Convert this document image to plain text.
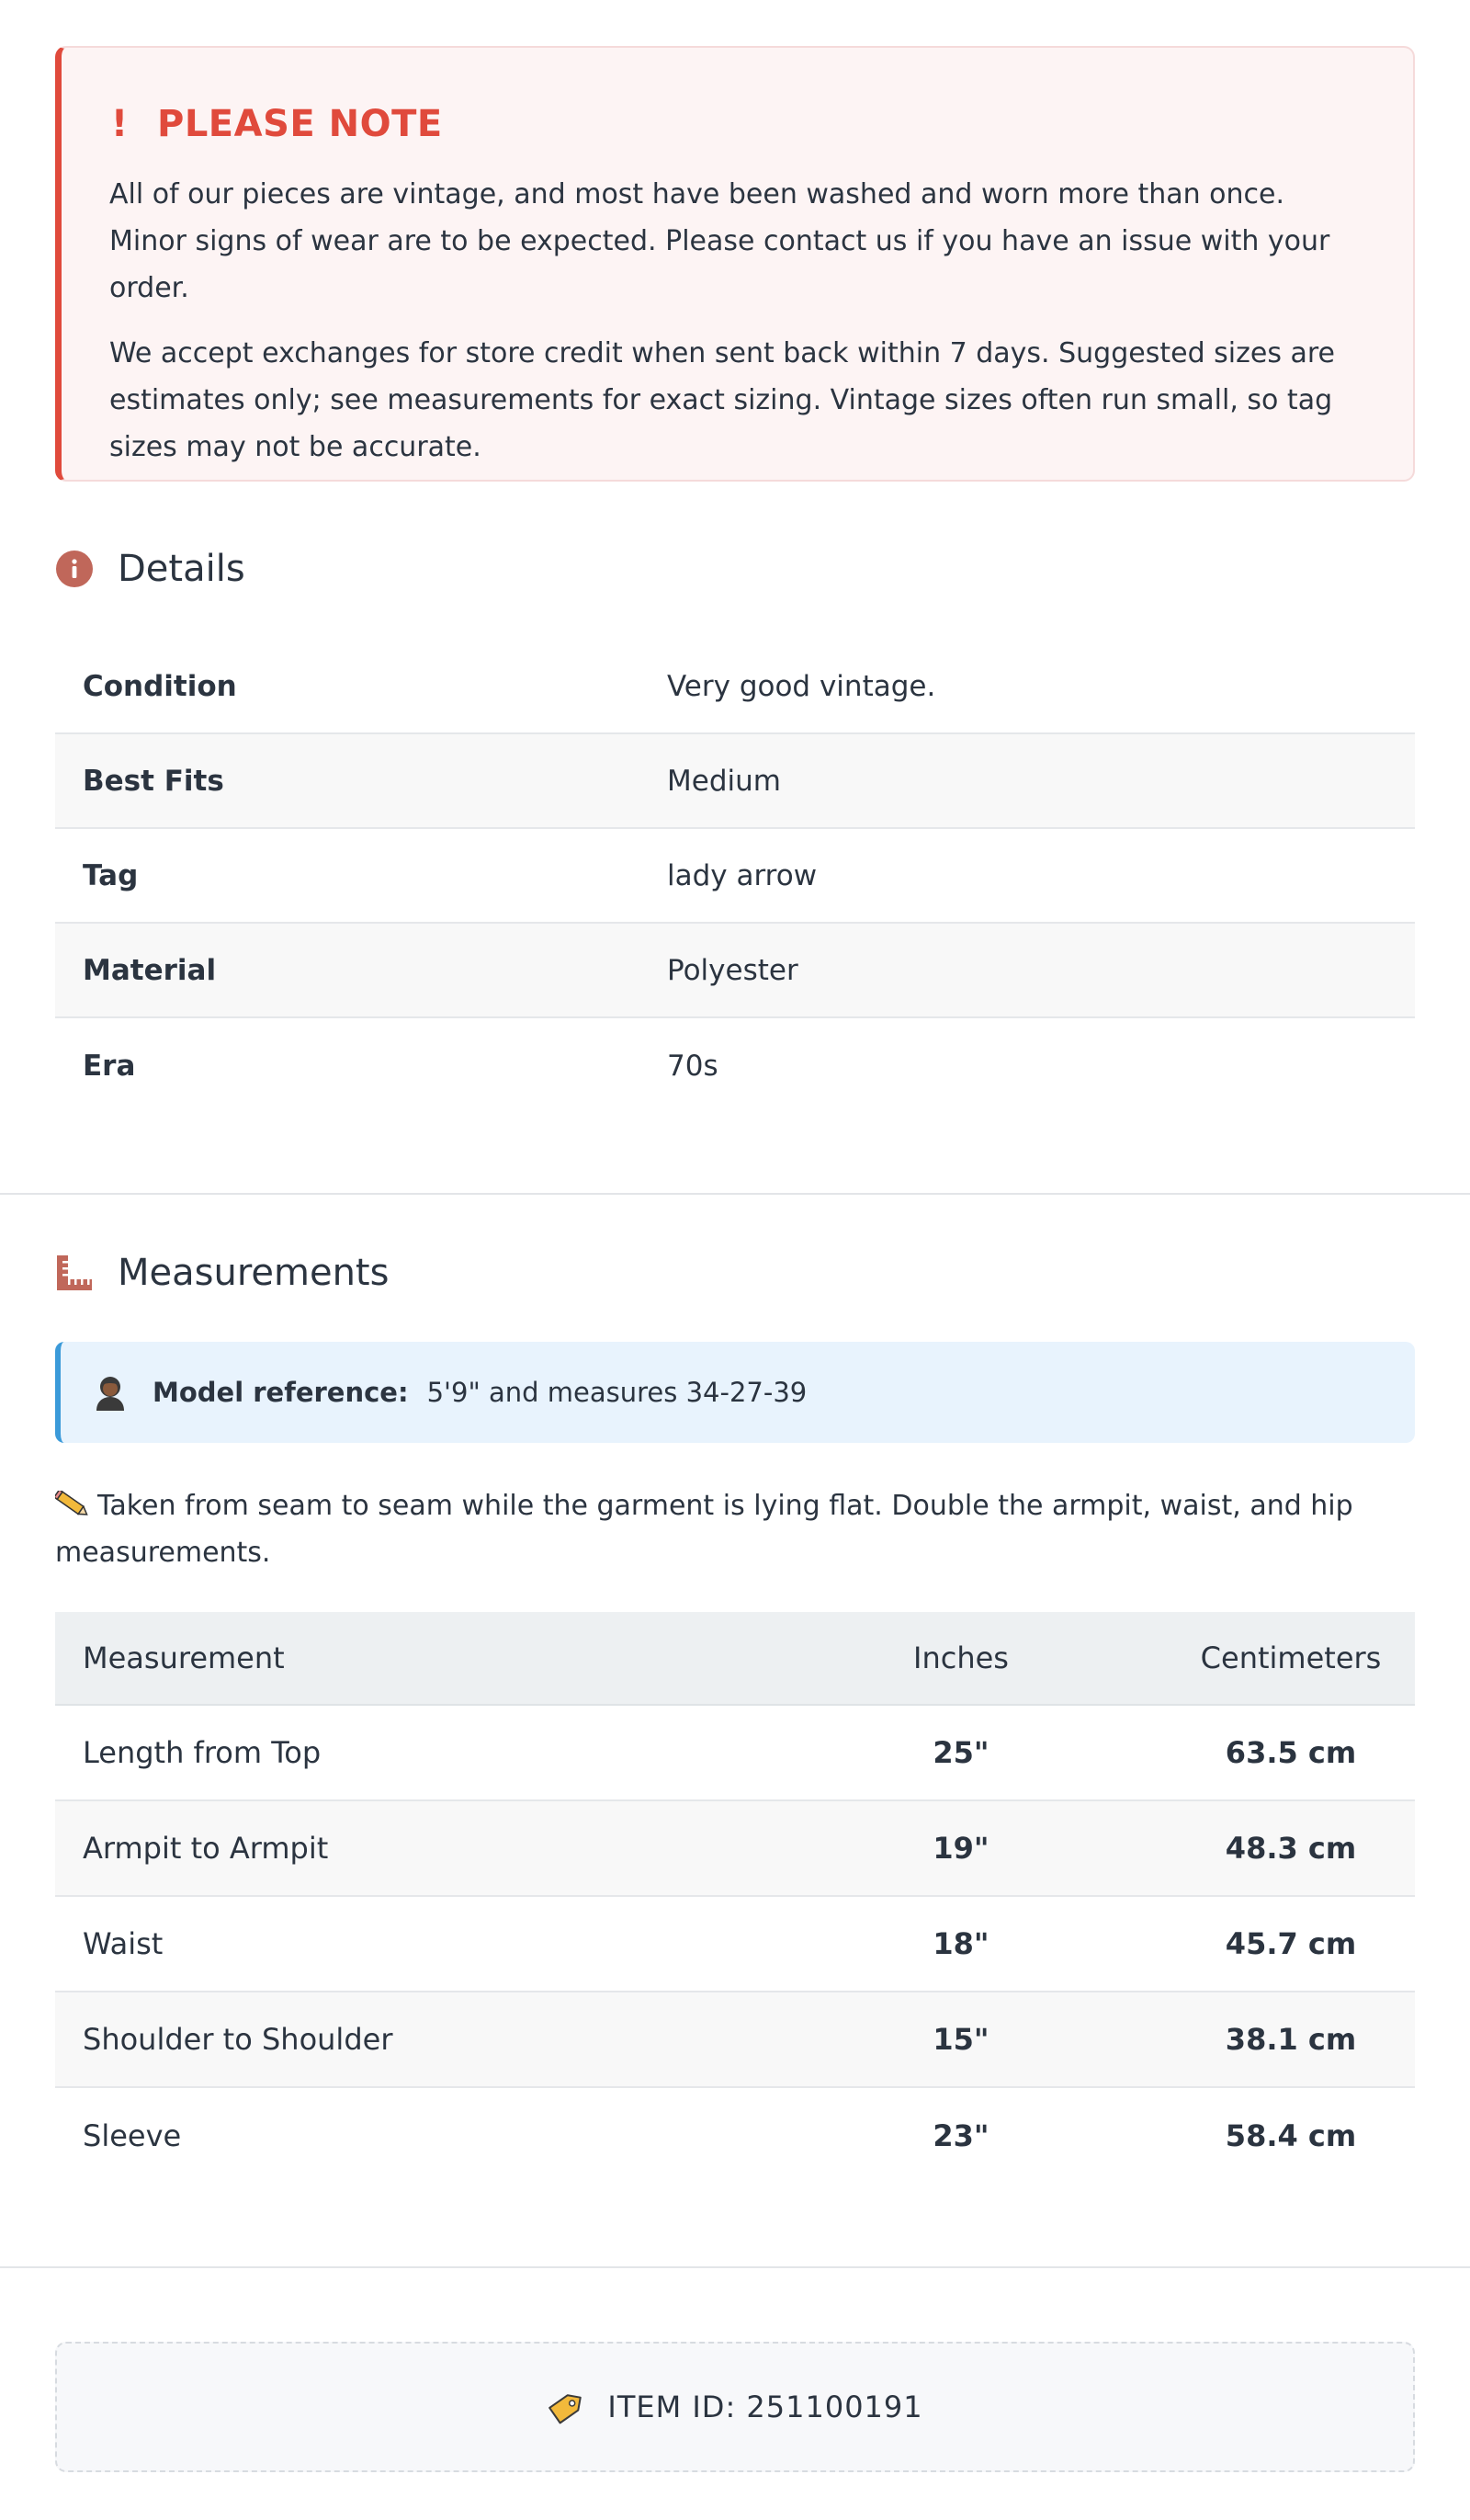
! PLEASE NOTE

All of our pieces are vintage, and most have been washed and worn more than once. Minor signs of wear are to be expected. Please contact us if you have an issue with your order.

We accept exchanges for store credit when sent back within 7 days. Suggested sizes are estimates only; see measurements for exact sizing. Vintage sizes often run small, so tag sizes may not be accurate.

Details
Condition	Very good vintage.
Best Fits	Medium
Tag	lady arrow
Material	Polyester
Era	70s
Measurements
Model reference: 5'9" and measures 34-27-39
Taken from seam to seam while the garment is lying flat. Double the armpit, waist, and hip measurements.
Measurement	Inches	Centimeters
Length from Top	25"	63.5 cm
Armpit to Armpit	19"	48.3 cm
Waist	18"	45.7 cm
Shoulder to Shoulder	15"	38.1 cm
Sleeve	23"	58.4 cm
ITEM ID: 251100191
